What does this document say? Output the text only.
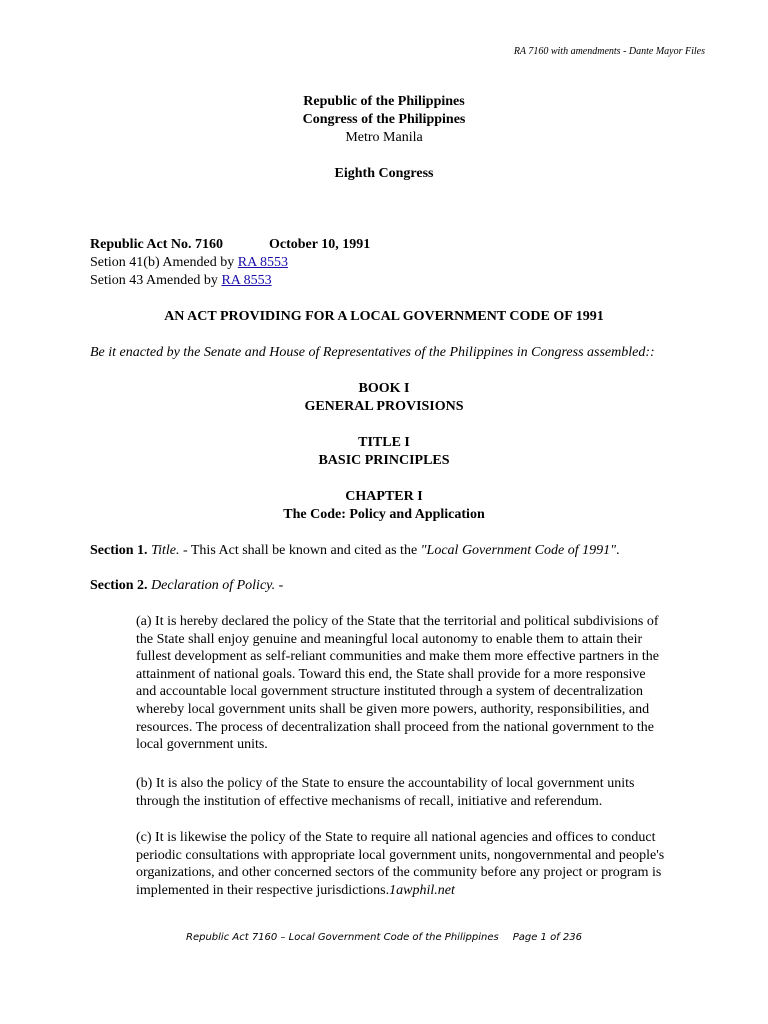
RA 7160 with amendments - Dante Mayor Files
Republic of the Philippines
Congress of the Philippines
Metro Manila
Eighth Congress
Republic Act No. 7160	October 10, 1991
Setion 41(b) Amended by RA 8553
Setion 43 Amended by RA 8553
AN ACT PROVIDING FOR A LOCAL GOVERNMENT CODE OF 1991
Be it enacted by the Senate and House of Representatives of the Philippines in Congress assembled::
BOOK I
GENERAL PROVISIONS
TITLE I
BASIC PRINCIPLES
CHAPTER I
The Code: Policy and Application
Section 1. Title. - This Act shall be known and cited as the "Local Government Code of 1991".
Section 2. Declaration of Policy. -
(a) It is hereby declared the policy of the State that the territorial and political subdivisions of
the State shall enjoy genuine and meaningful local autonomy to enable them to attain their
fullest development as self-reliant communities and make them more effective partners in the
attainment of national goals. Toward this end, the State shall provide for a more responsive
and accountable local government structure instituted through a system of decentralization
whereby local government units shall be given more powers, authority, responsibilities, and
resources. The process of decentralization shall proceed from the national government to the
local government units.
(b) It is also the policy of the State to ensure the accountability of local government units
through the institution of effective mechanisms of recall, initiative and referendum.
(c) It is likewise the policy of the State to require all national agencies and offices to conduct
periodic consultations with appropriate local government units, nongovernmental and people's
organizations, and other concerned sectors of the community before any project or program is
implemented in their respective jurisdictions.1awphil.net
Republic Act 7160 – Local Government Code of the Philippines Page 1 of 236
